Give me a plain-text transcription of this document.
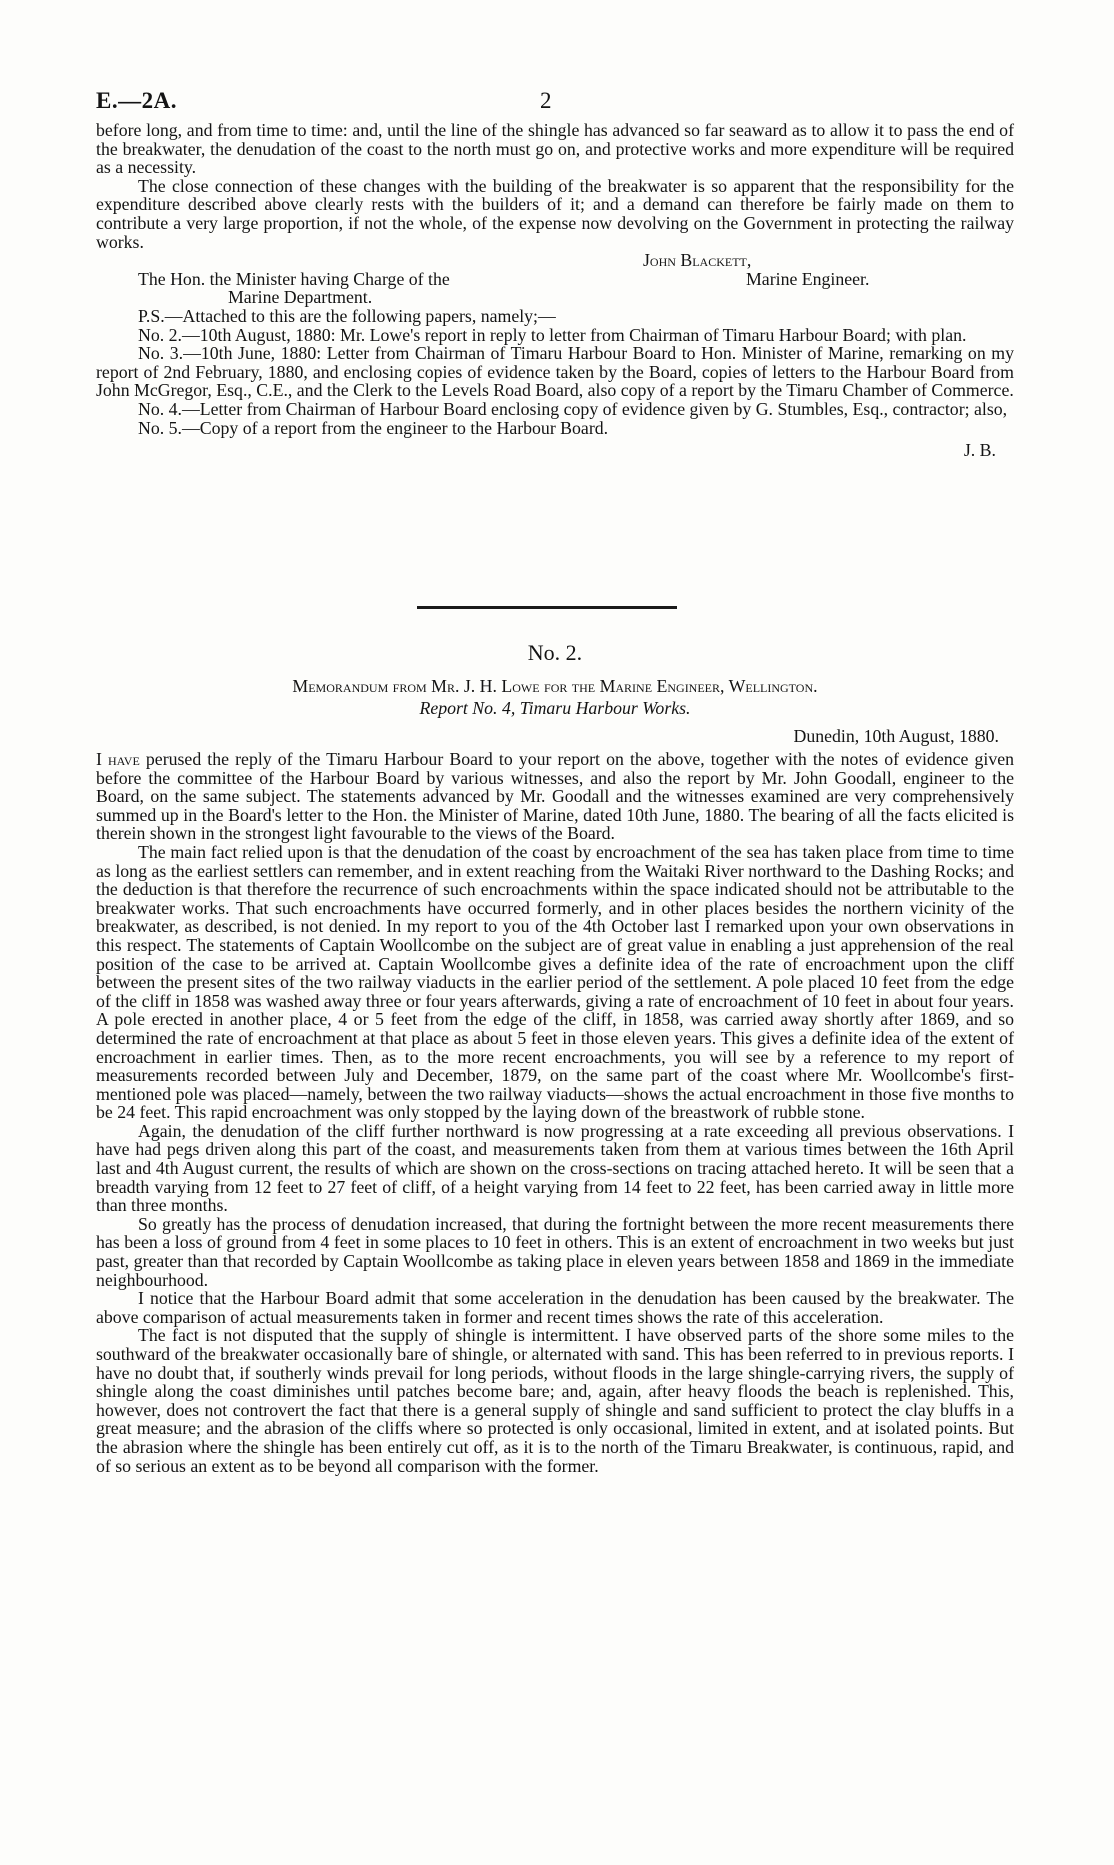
E.—2A.	2

before long, and from time to time: and, until the line of the shingle has advanced so far seaward as to allow it to pass the end of the breakwater, the denudation of the coast to the north must go on, and protective works and more expenditure will be required as a necessity.

The close connection of these changes with the building of the breakwater is so apparent that the responsibility for the expenditure described above clearly rests with the builders of it; and a demand can therefore be fairly made on them to contribute a very large proportion, if not the whole, of the expense now devolving on the Government in protecting the railway works.

John Blackett,
The Hon. the Minister having Charge of the	Marine Engineer.
Marine Department.

P.S.—Attached to this are the following papers, namely;—

No. 2.—10th August, 1880: Mr. Lowe's report in reply to letter from Chairman of Timaru Harbour Board; with plan.

No. 3.—10th June, 1880: Letter from Chairman of Timaru Harbour Board to Hon. Minister of Marine, remarking on my report of 2nd February, 1880, and enclosing copies of evidence taken by the Board, copies of letters to the Harbour Board from John McGregor, Esq., C.E., and the Clerk to the Levels Road Board, also copy of a report by the Timaru Chamber of Commerce.

No. 4.—Letter from Chairman of Harbour Board enclosing copy of evidence given by G. Stumbles, Esq., contractor; also,

No. 5.—Copy of a report from the engineer to the Harbour Board.

J. B.

No. 2.
Memorandum from Mr. J. H. Lowe for the Marine Engineer, Wellington.
Report No. 4, Timaru Harbour Works.
Dunedin, 10th August, 1880.

I have perused the reply of the Timaru Harbour Board to your report on the above, together with the notes of evidence given before the committee of the Harbour Board by various witnesses, and also the report by Mr. John Goodall, engineer to the Board, on the same subject. The statements advanced by Mr. Goodall and the witnesses examined are very comprehensively summed up in the Board's letter to the Hon. the Minister of Marine, dated 10th June, 1880. The bearing of all the facts elicited is therein shown in the strongest light favourable to the views of the Board.

The main fact relied upon is that the denudation of the coast by encroachment of the sea has taken place from time to time as long as the earliest settlers can remember, and in extent reaching from the Waitaki River northward to the Dashing Rocks; and the deduction is that therefore the recurrence of such encroachments within the space indicated should not be attributable to the breakwater works. That such encroachments have occurred formerly, and in other places besides the northern vicinity of the breakwater, as described, is not denied. In my report to you of the 4th October last I remarked upon your own observations in this respect. The statements of Captain Woollcombe on the subject are of great value in enabling a just apprehension of the real position of the case to be arrived at. Captain Woollcombe gives a definite idea of the rate of encroachment upon the cliff between the present sites of the two railway viaducts in the earlier period of the settlement. A pole placed 10 feet from the edge of the cliff in 1858 was washed away three or four years afterwards, giving a rate of encroachment of 10 feet in about four years. A pole erected in another place, 4 or 5 feet from the edge of the cliff, in 1858, was carried away shortly after 1869, and so determined the rate of encroachment at that place as about 5 feet in those eleven years. This gives a definite idea of the extent of encroachment in earlier times. Then, as to the more recent encroachments, you will see by a reference to my report of measurements recorded between July and December, 1879, on the same part of the coast where Mr. Woollcombe's first-mentioned pole was placed—namely, between the two railway viaducts—shows the actual encroachment in those five months to be 24 feet. This rapid encroachment was only stopped by the laying down of the breastwork of rubble stone.

Again, the denudation of the cliff further northward is now progressing at a rate exceeding all previous observations. I have had pegs driven along this part of the coast, and measurements taken from them at various times between the 16th April last and 4th August current, the results of which are shown on the cross-sections on tracing attached hereto. It will be seen that a breadth varying from 12 feet to 27 feet of cliff, of a height varying from 14 feet to 22 feet, has been carried away in little more than three months.

So greatly has the process of denudation increased, that during the fortnight between the more recent measurements there has been a loss of ground from 4 feet in some places to 10 feet in others. This is an extent of encroachment in two weeks but just past, greater than that recorded by Captain Woollcombe as taking place in eleven years between 1858 and 1869 in the immediate neighbourhood.

I notice that the Harbour Board admit that some acceleration in the denudation has been caused by the breakwater. The above comparison of actual measurements taken in former and recent times shows the rate of this acceleration.

The fact is not disputed that the supply of shingle is intermittent. I have observed parts of the shore some miles to the southward of the breakwater occasionally bare of shingle, or alternated with sand. This has been referred to in previous reports. I have no doubt that, if southerly winds prevail for long periods, without floods in the large shingle-carrying rivers, the supply of shingle along the coast diminishes until patches become bare; and, again, after heavy floods the beach is replenished. This, however, does not controvert the fact that there is a general supply of shingle and sand sufficient to protect the clay bluffs in a great measure; and the abrasion of the cliffs where so protected is only occasional, limited in extent, and at isolated points. But the abrasion where the shingle has been entirely cut off, as it is to the north of the Timaru Breakwater, is continuous, rapid, and of so serious an extent as to be beyond all comparison with the former.
